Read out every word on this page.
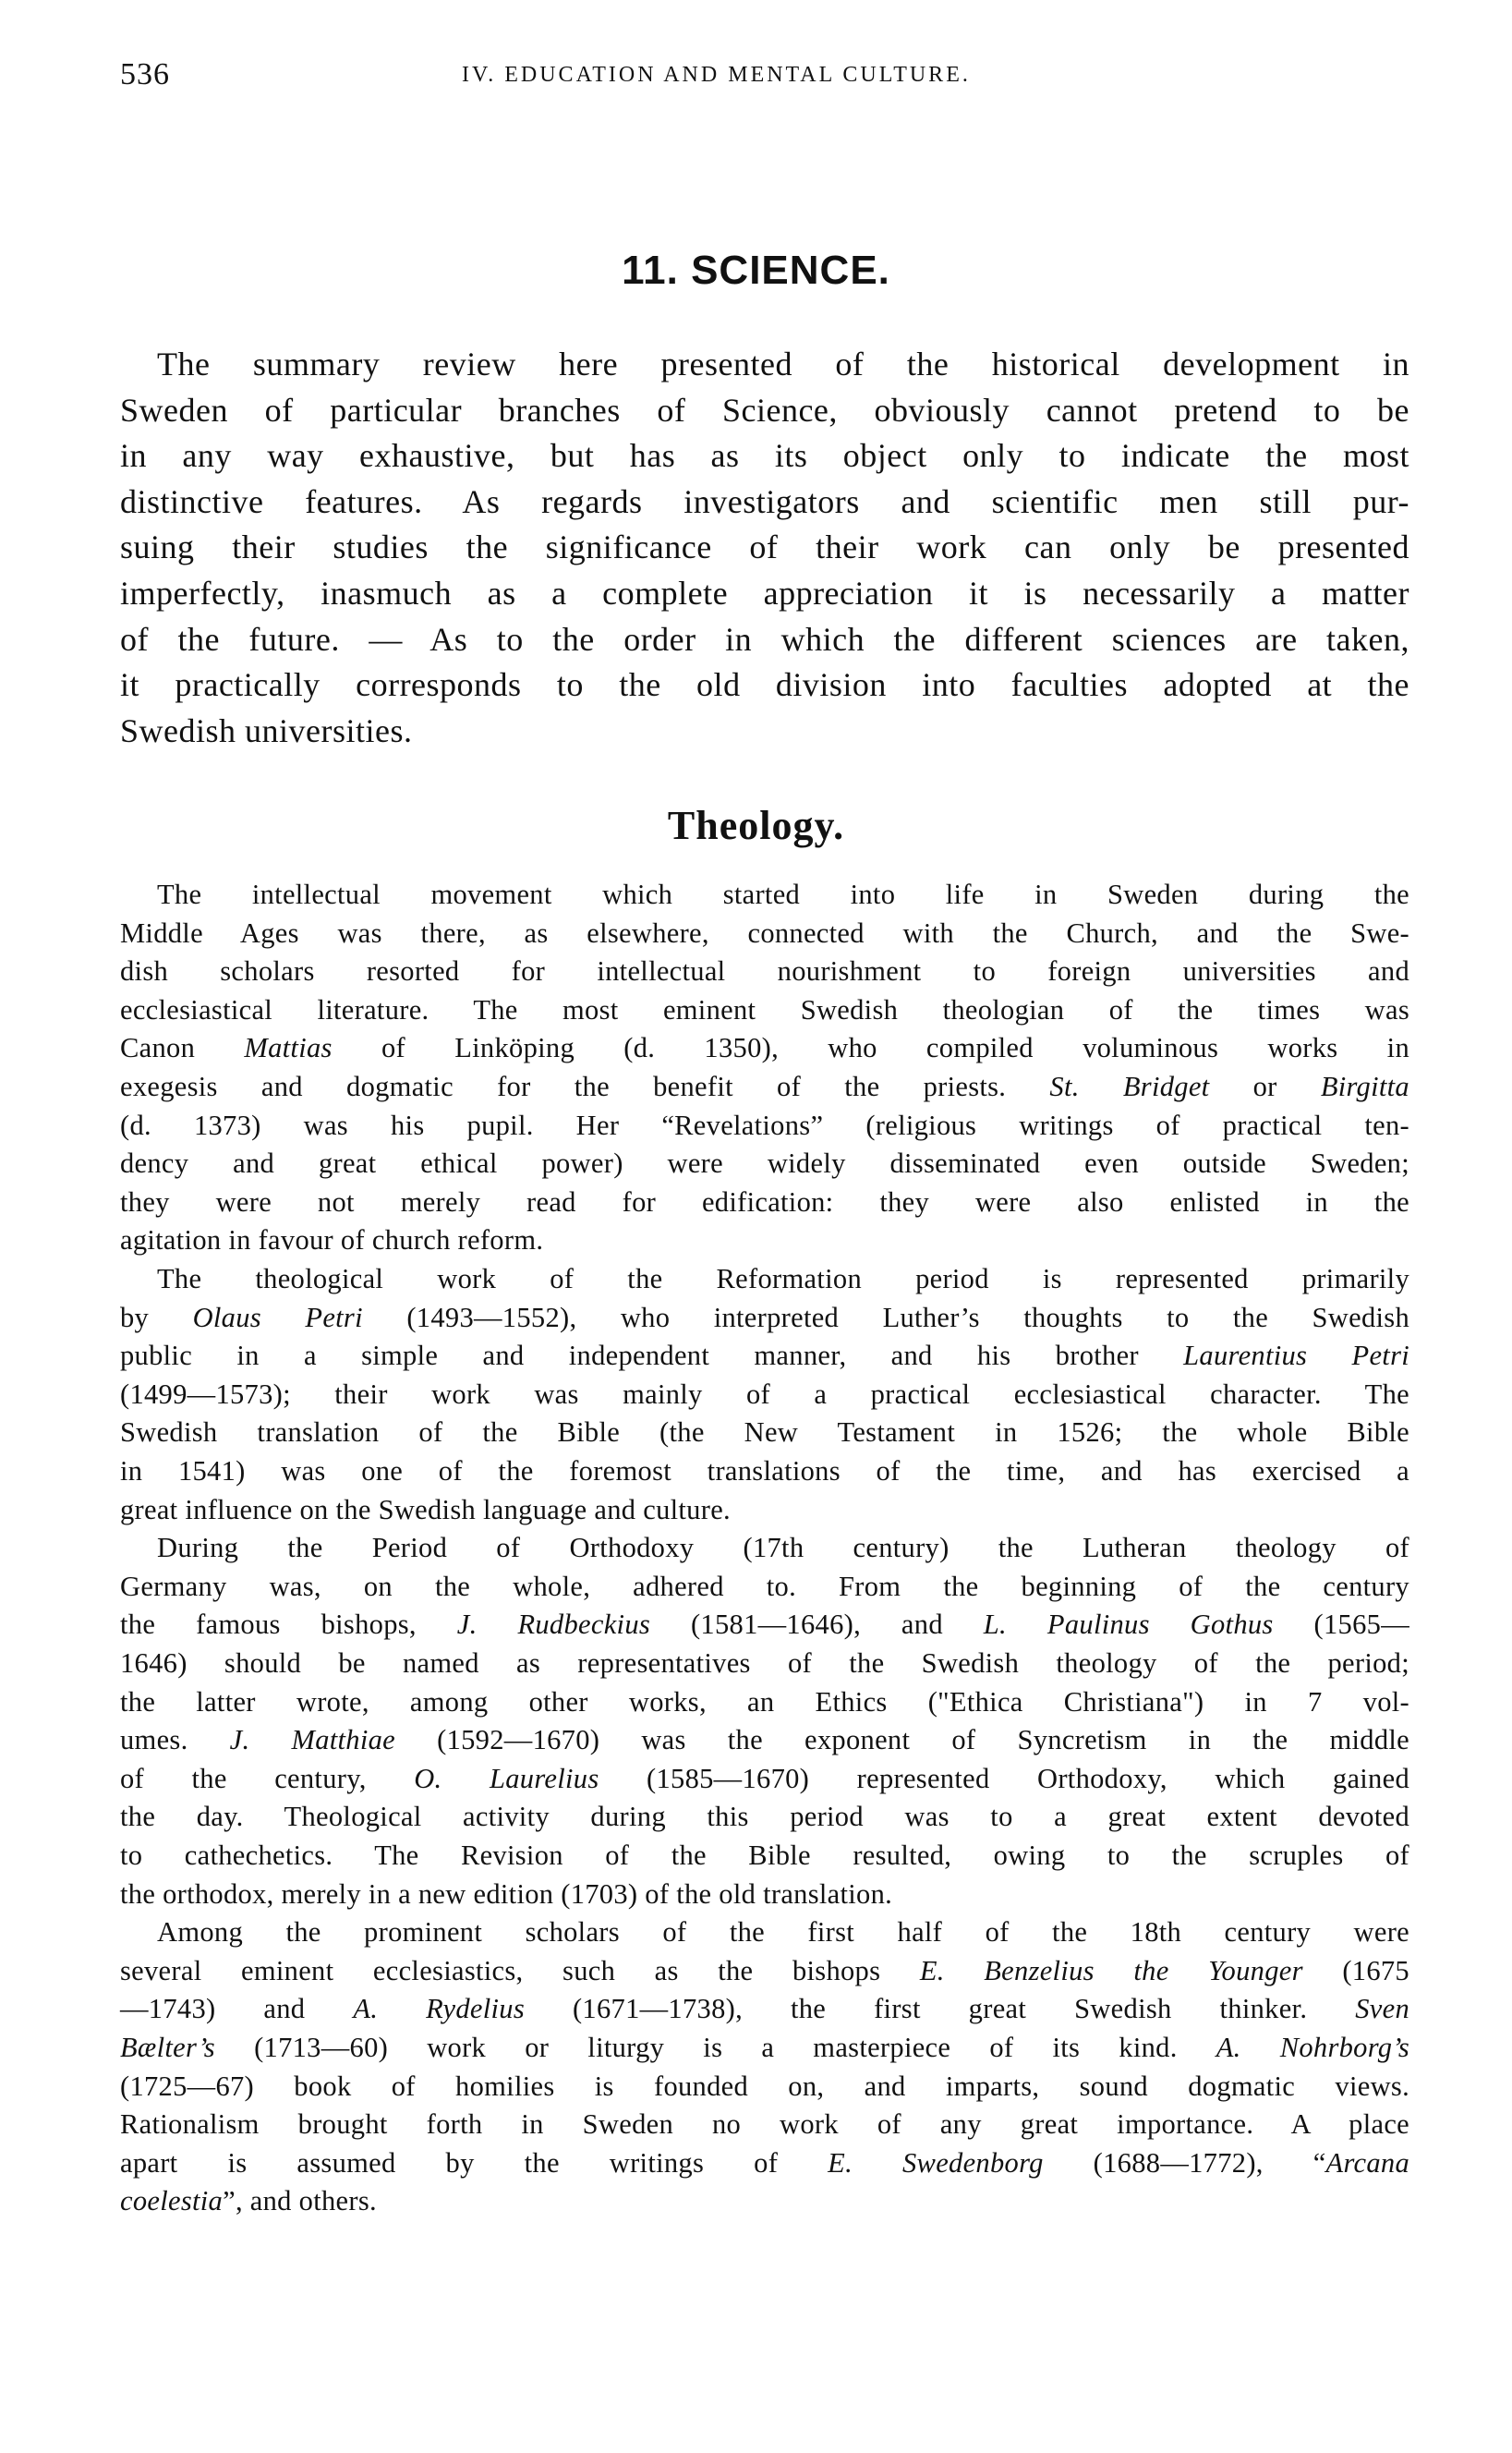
536	IV. EDUCATION AND MENTAL CULTURE.
11. SCIENCE.
The summary review here presented of the historical development in
Sweden of particular branches of Science, obviously cannot pretend to be
in any way exhaustive, but has as its object only to indicate the most
distinctive features. As regards investigators and scientific men still pur-
suing their studies the significance of their work can only be presented
imperfectly, inasmuch as a complete appreciation it is necessarily a matter
of the future. — As to the order in which the different sciences are taken,
it practically corresponds to the old division into faculties adopted at the
Swedish universities.
Theology.
The intellectual movement which started into life in Sweden during the
Middle Ages was there, as elsewhere, connected with the Church, and the Swe-
dish scholars resorted for intellectual nourishment to foreign universities and
ecclesiastical literature. The most eminent Swedish theologian of the times was
Canon Mattias of Linköping (d. 1350), who compiled voluminous works in
exegesis and dogmatic for the benefit of the priests. St. Bridget or Birgitta
(d. 1373) was his pupil. Her “Revelations” (religious writings of practical ten-
dency and great ethical power) were widely disseminated even outside Sweden;
they were not merely read for edification: they were also enlisted in the
agitation in favour of church reform.
The theological work of the Reformation period is represented primarily
by Olaus Petri (1493—1552), who interpreted Luther’s thoughts to the Swedish
public in a simple and independent manner, and his brother Laurentius Petri
(1499—1573); their work was mainly of a practical ecclesiastical character. The
Swedish translation of the Bible (the New Testament in 1526; the whole Bible
in 1541) was one of the foremost translations of the time, and has exercised a
great influence on the Swedish language and culture.
During the Period of Orthodoxy (17th century) the Lutheran theology of
Germany was, on the whole, adhered to. From the beginning of the century
the famous bishops, J. Rudbeckius (1581—1646), and L. Paulinus Gothus (1565—
1646) should be named as representatives of the Swedish theology of the period;
the latter wrote, among other works, an Ethics ("Ethica Christiana") in 7 vol-
umes. J. Matthiae (1592—1670) was the exponent of Syncretism in the middle
of the century, O. Laurelius (1585—1670) represented Orthodoxy, which gained
the day. Theological activity during this period was to a great extent devoted
to cathechetics. The Revision of the Bible resulted, owing to the scruples of
the orthodox, merely in a new edition (1703) of the old translation.
Among the prominent scholars of the first half of the 18th century were
several eminent ecclesiastics, such as the bishops E. Benzelius the Younger (1675
—1743) and A. Rydelius (1671—1738), the first great Swedish thinker. Sven
Bælter’s (1713—60) work or liturgy is a masterpiece of its kind. A. Nohrborg’s
(1725—67) book of homilies is founded on, and imparts, sound dogmatic views.
Rationalism brought forth in Sweden no work of any great importance. A place
apart is assumed by the writings of E. Swedenborg (1688—1772), “Arcana
coelestia”, and others.
